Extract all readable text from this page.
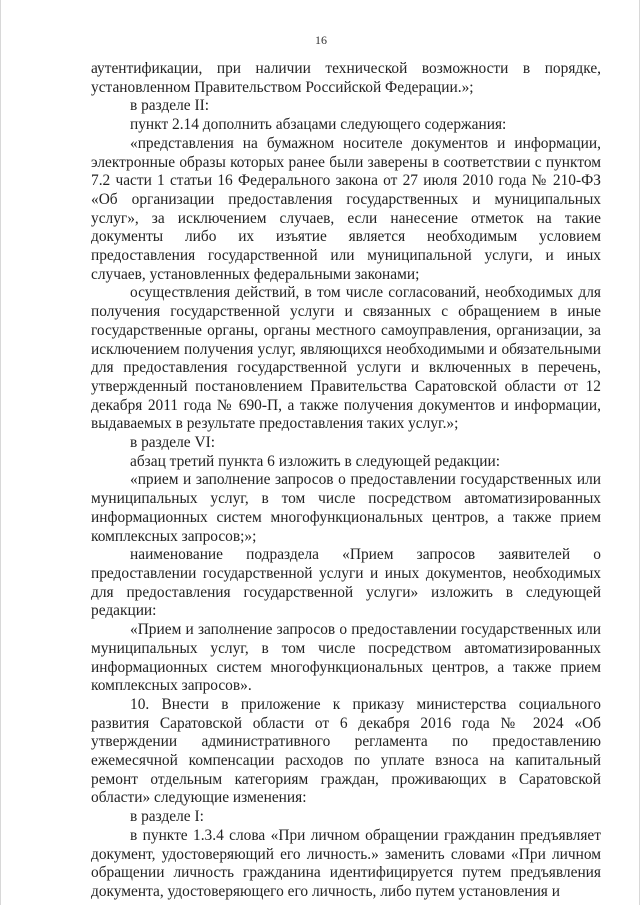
16

аутентификации, при наличии технической возможности в порядке, установленном Правительством Российской Федерации.»;

в разделе II:

пункт 2.14 дополнить абзацами следующего содержания:

«представления на бумажном носителе документов и информации, электронные образы которых ранее были заверены в соответствии с пунктом 7.2 части 1 статьи 16 Федерального закона от 27 июля 2010 года № 210-ФЗ «Об организации предоставления государственных и муниципальных услуг», за исключением случаев, если нанесение отметок на такие документы либо их изъятие является необходимым условием предоставления государственной или муниципальной услуги, и иных случаев, установленных федеральными законами;

осуществления действий, в том числе согласований, необходимых для получения государственной услуги и связанных с обращением в иные государственные органы, органы местного самоуправления, организации, за исключением получения услуг, являющихся необходимыми и обязательными для предоставления государственной услуги и включенных в перечень, утвержденный постановлением Правительства Саратовской области от 12 декабря 2011 года № 690-П, а также получения документов и информации, выдаваемых в результате предоставления таких услуг.»;

в разделе VI:

абзац третий пункта 6 изложить в следующей редакции:

«прием и заполнение запросов о предоставлении государственных или муниципальных услуг, в том числе посредством автоматизированных информационных систем многофункциональных центров, а также прием комплексных запросов;»;

наименование подраздела «Прием запросов заявителей о предоставлении государственной услуги и иных документов, необходимых для предоставления государственной услуги» изложить в следующей редакции:

«Прием и заполнение запросов о предоставлении государственных или муниципальных услуг, в том числе посредством автоматизированных информационных систем многофункциональных центров, а также прием комплексных запросов».

10. Внести в приложение к приказу министерства социального развития Саратовской области от 6 декабря 2016 года № 2024 «Об утверждении административного регламента по предоставлению ежемесячной компенсации расходов по уплате взноса на капитальный ремонт отдельным категориям граждан, проживающих в Саратовской области» следующие изменения:

в разделе I:

в пункте 1.3.4 слова «При личном обращении гражданин предъявляет документ, удостоверяющий его личность.» заменить словами «При личном обращении личность гражданина идентифицируется путем предъявления документа, удостоверяющего его личность, либо путем установления и
